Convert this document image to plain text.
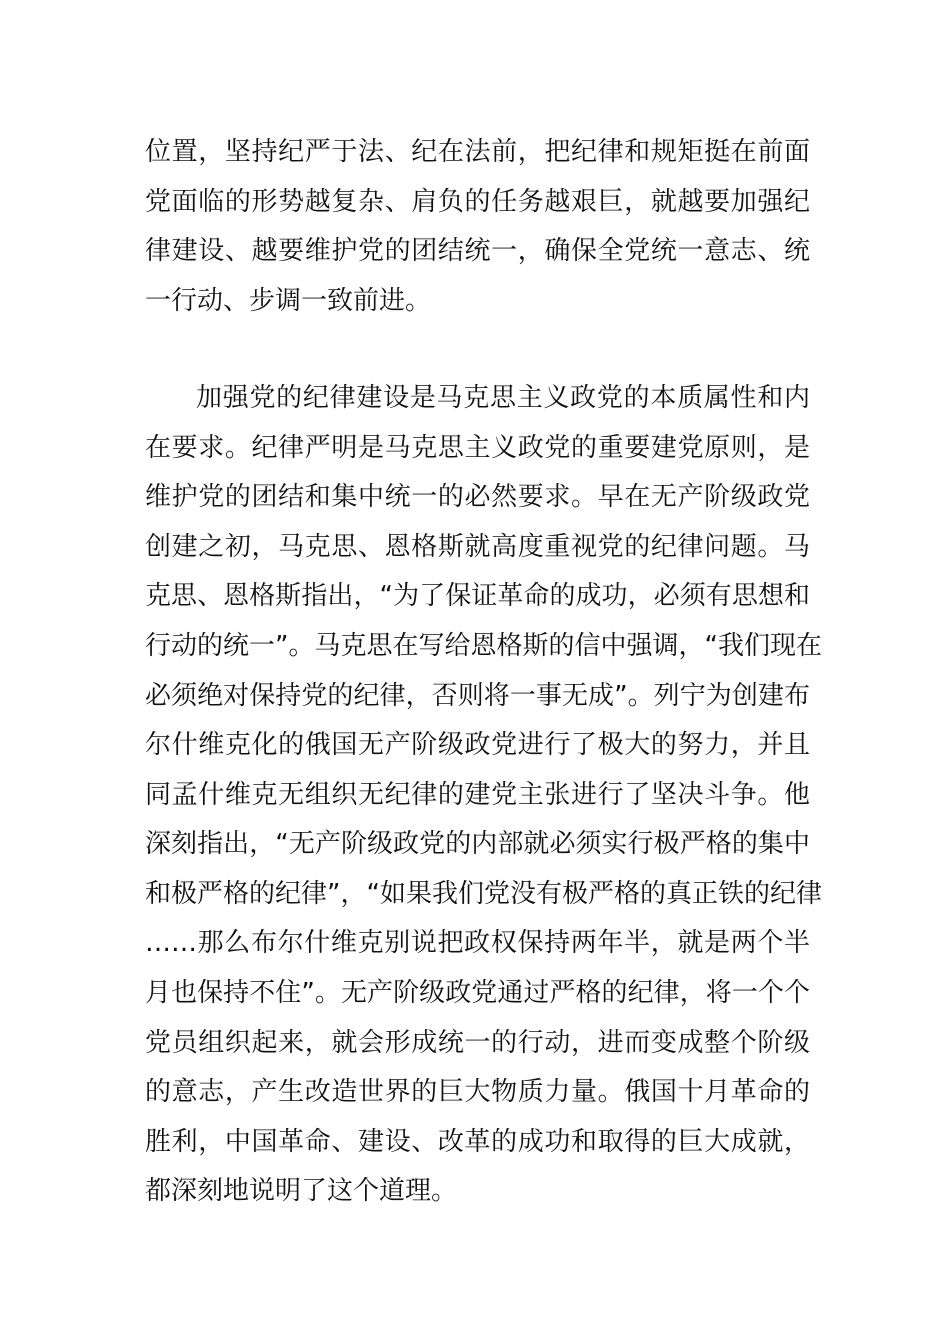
位置，坚持纪严于法、纪在法前，把纪律和规矩挺在前面
党面临的形势越复杂、肩负的任务越艰巨，就越要加强纪
律建设、越要维护党的团结统一，确保全党统一意志、统
一行动、步调一致前进。
加强党的纪律建设是马克思主义政党的本质属性和内
在要求。纪律严明是马克思主义政党的重要建党原则，是
维护党的团结和集中统一的必然要求。早在无产阶级政党
创建之初，马克思、恩格斯就高度重视党的纪律问题。马
克思、恩格斯指出，“为了保证革命的成功，必须有思想和
行动的统一”。马克思在写给恩格斯的信中强调，“我们现在
必须绝对保持党的纪律，否则将一事无成”。列宁为创建布
尔什维克化的俄国无产阶级政党进行了极大的努力，并且
同孟什维克无组织无纪律的建党主张进行了坚决斗争。他
深刻指出，“无产阶级政党的内部就必须实行极严格的集中
和极严格的纪律”，“如果我们党没有极严格的真正铁的纪律
……那么布尔什维克别说把政权保持两年半，就是两个半
月也保持不住”。无产阶级政党通过严格的纪律，将一个个
党员组织起来，就会形成统一的行动，进而变成整个阶级
的意志，产生改造世界的巨大物质力量。俄国十月革命的
胜利，中国革命、建设、改革的成功和取得的巨大成就，
都深刻地说明了这个道理。
